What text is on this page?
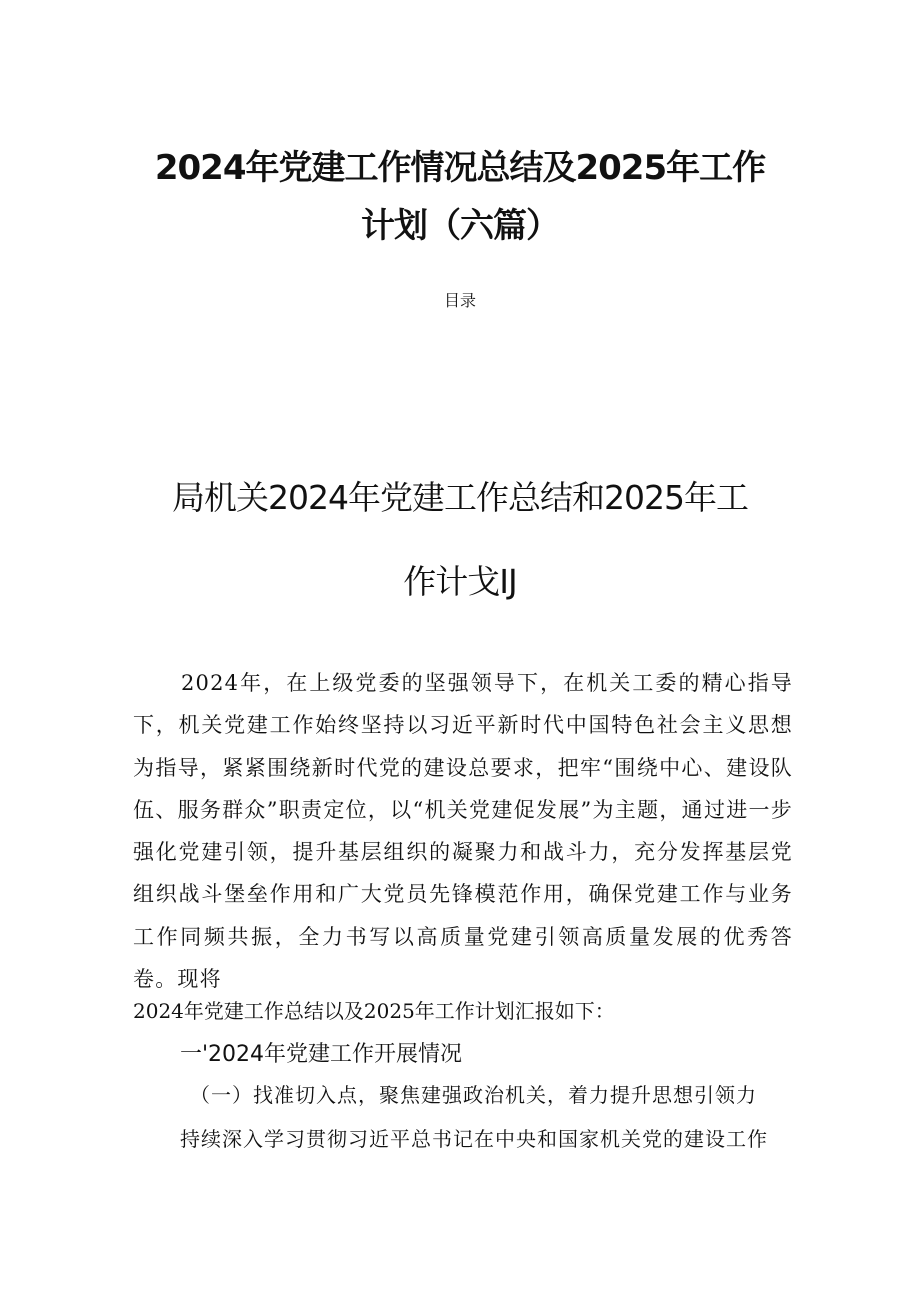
2024年党建工作情况总结及2025年工作
计划（六篇）
目录
局机关2024年党建工作总结和2025年工
作计戈IJ
2024年，在上级党委的坚强领导下，在机关工委的精心指导下，机关党建工作始终坚持以习近平新时代中国特色社会主义思想为指导，紧紧围绕新时代党的建设总要求，把牢“围绕中心、建设队伍、服务群众”职责定位，以“机关党建促发展”为主题，通过进一步强化党建引领，提升基层组织的凝聚力和战斗力，充分发挥基层党组织战斗堡垒作用和广大党员先锋模范作用，确保党建工作与业务工作同频共振，全力书写以高质量党建引领高质量发展的优秀答卷。现将
2024年党建工作总结以及2025年工作计划汇报如下：
一'2024年党建工作开展情况
（一）找准切入点，聚焦建强政治机关，着力提升思想引领力
持续深入学习贯彻习近平总书记在中央和国家机关党的建设工作
